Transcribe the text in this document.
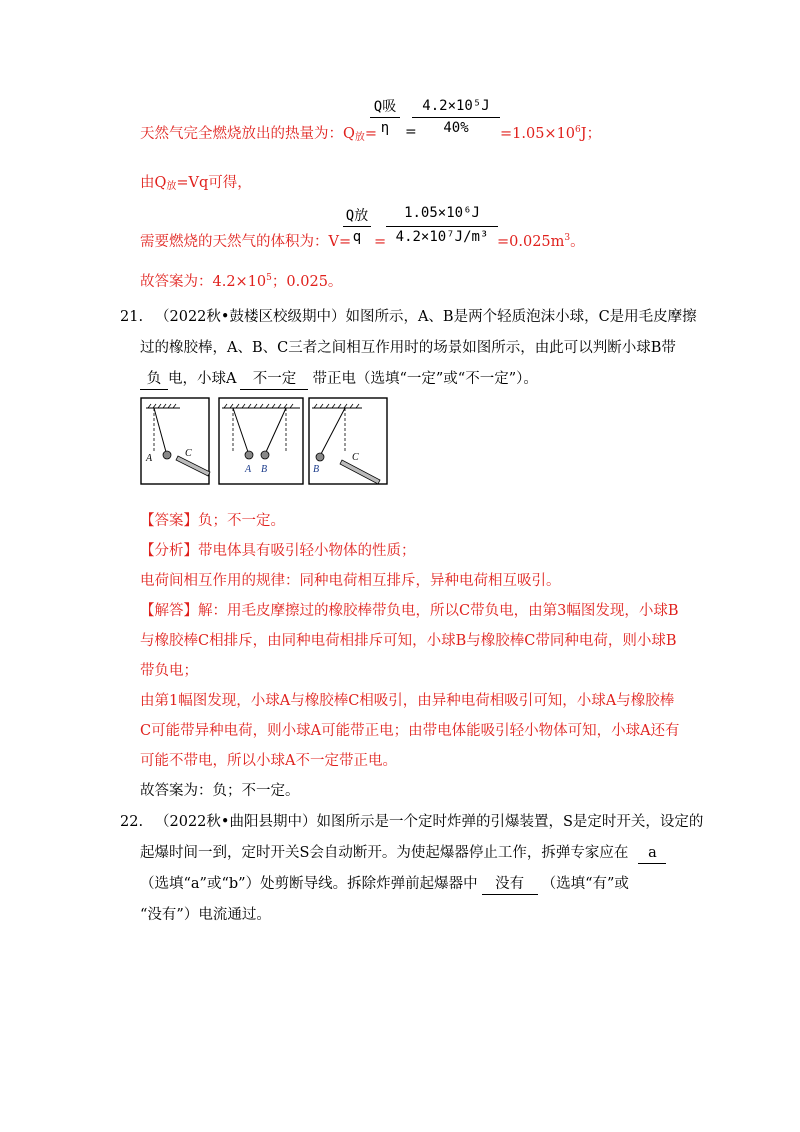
Q吸
η	=
4.2×10⁵J
40%
天然气完全燃烧放出的热量为：$Q_放=$	$=1.05\times 10^6J$；
由$Q_放=Vq$可得，
Q放
q
1.05×10⁶J
4.2×10⁷J/m³
需要燃烧的天然气的体积为：V= =	$=0.025m^3$。
故答案为：$4.2\times 10^5$；0.025。
21. （2022秋•鼓楼区校级期中）如图所示，A、B是两个轻质泡沫小球，C是用毛皮摩擦
过的橡胶棒，A、B、C三者之间相互作用时的场景如图所示，由此可以判断小球B带
负 电，小球A 不一定 带正电（选填“一定”或“不一定”）。
A	C
A B	B
C
【答案】负；不一定。
【分析】带电体具有吸引轻小物体的性质；
电荷间相互作用的规律：同种电荷相互排斥，异种电荷相互吸引。
【解答】解：用毛皮摩擦过的橡胶棒带负电，所以C带负电，由第3幅图发现，小球B
与橡胶棒C相排斥，由同种电荷相排斥可知，小球B与橡胶棒C带同种电荷，则小球B
带负电；
由第1幅图发现，小球A与橡胶棒C相吸引，由异种电荷相吸引可知，小球A与橡胶棒
C可能带异种电荷，则小球A可能带正电；由带电体能吸引轻小物体可知，小球A还有
可能不带电，所以小球A不一定带正电。
故答案为：负；不一定。
22. （2022秋•曲阳县期中）如图所示是一个定时炸弹的引爆装置，S是定时开关，设定的
起爆时间一到，定时开关S会自动断开。为使起爆器停止工作，拆弹专家应在 a
（选填“a”或“b”）处剪断导线。拆除炸弹前起爆器中 没有 （选填“有”或
“没有”）电流通过。
